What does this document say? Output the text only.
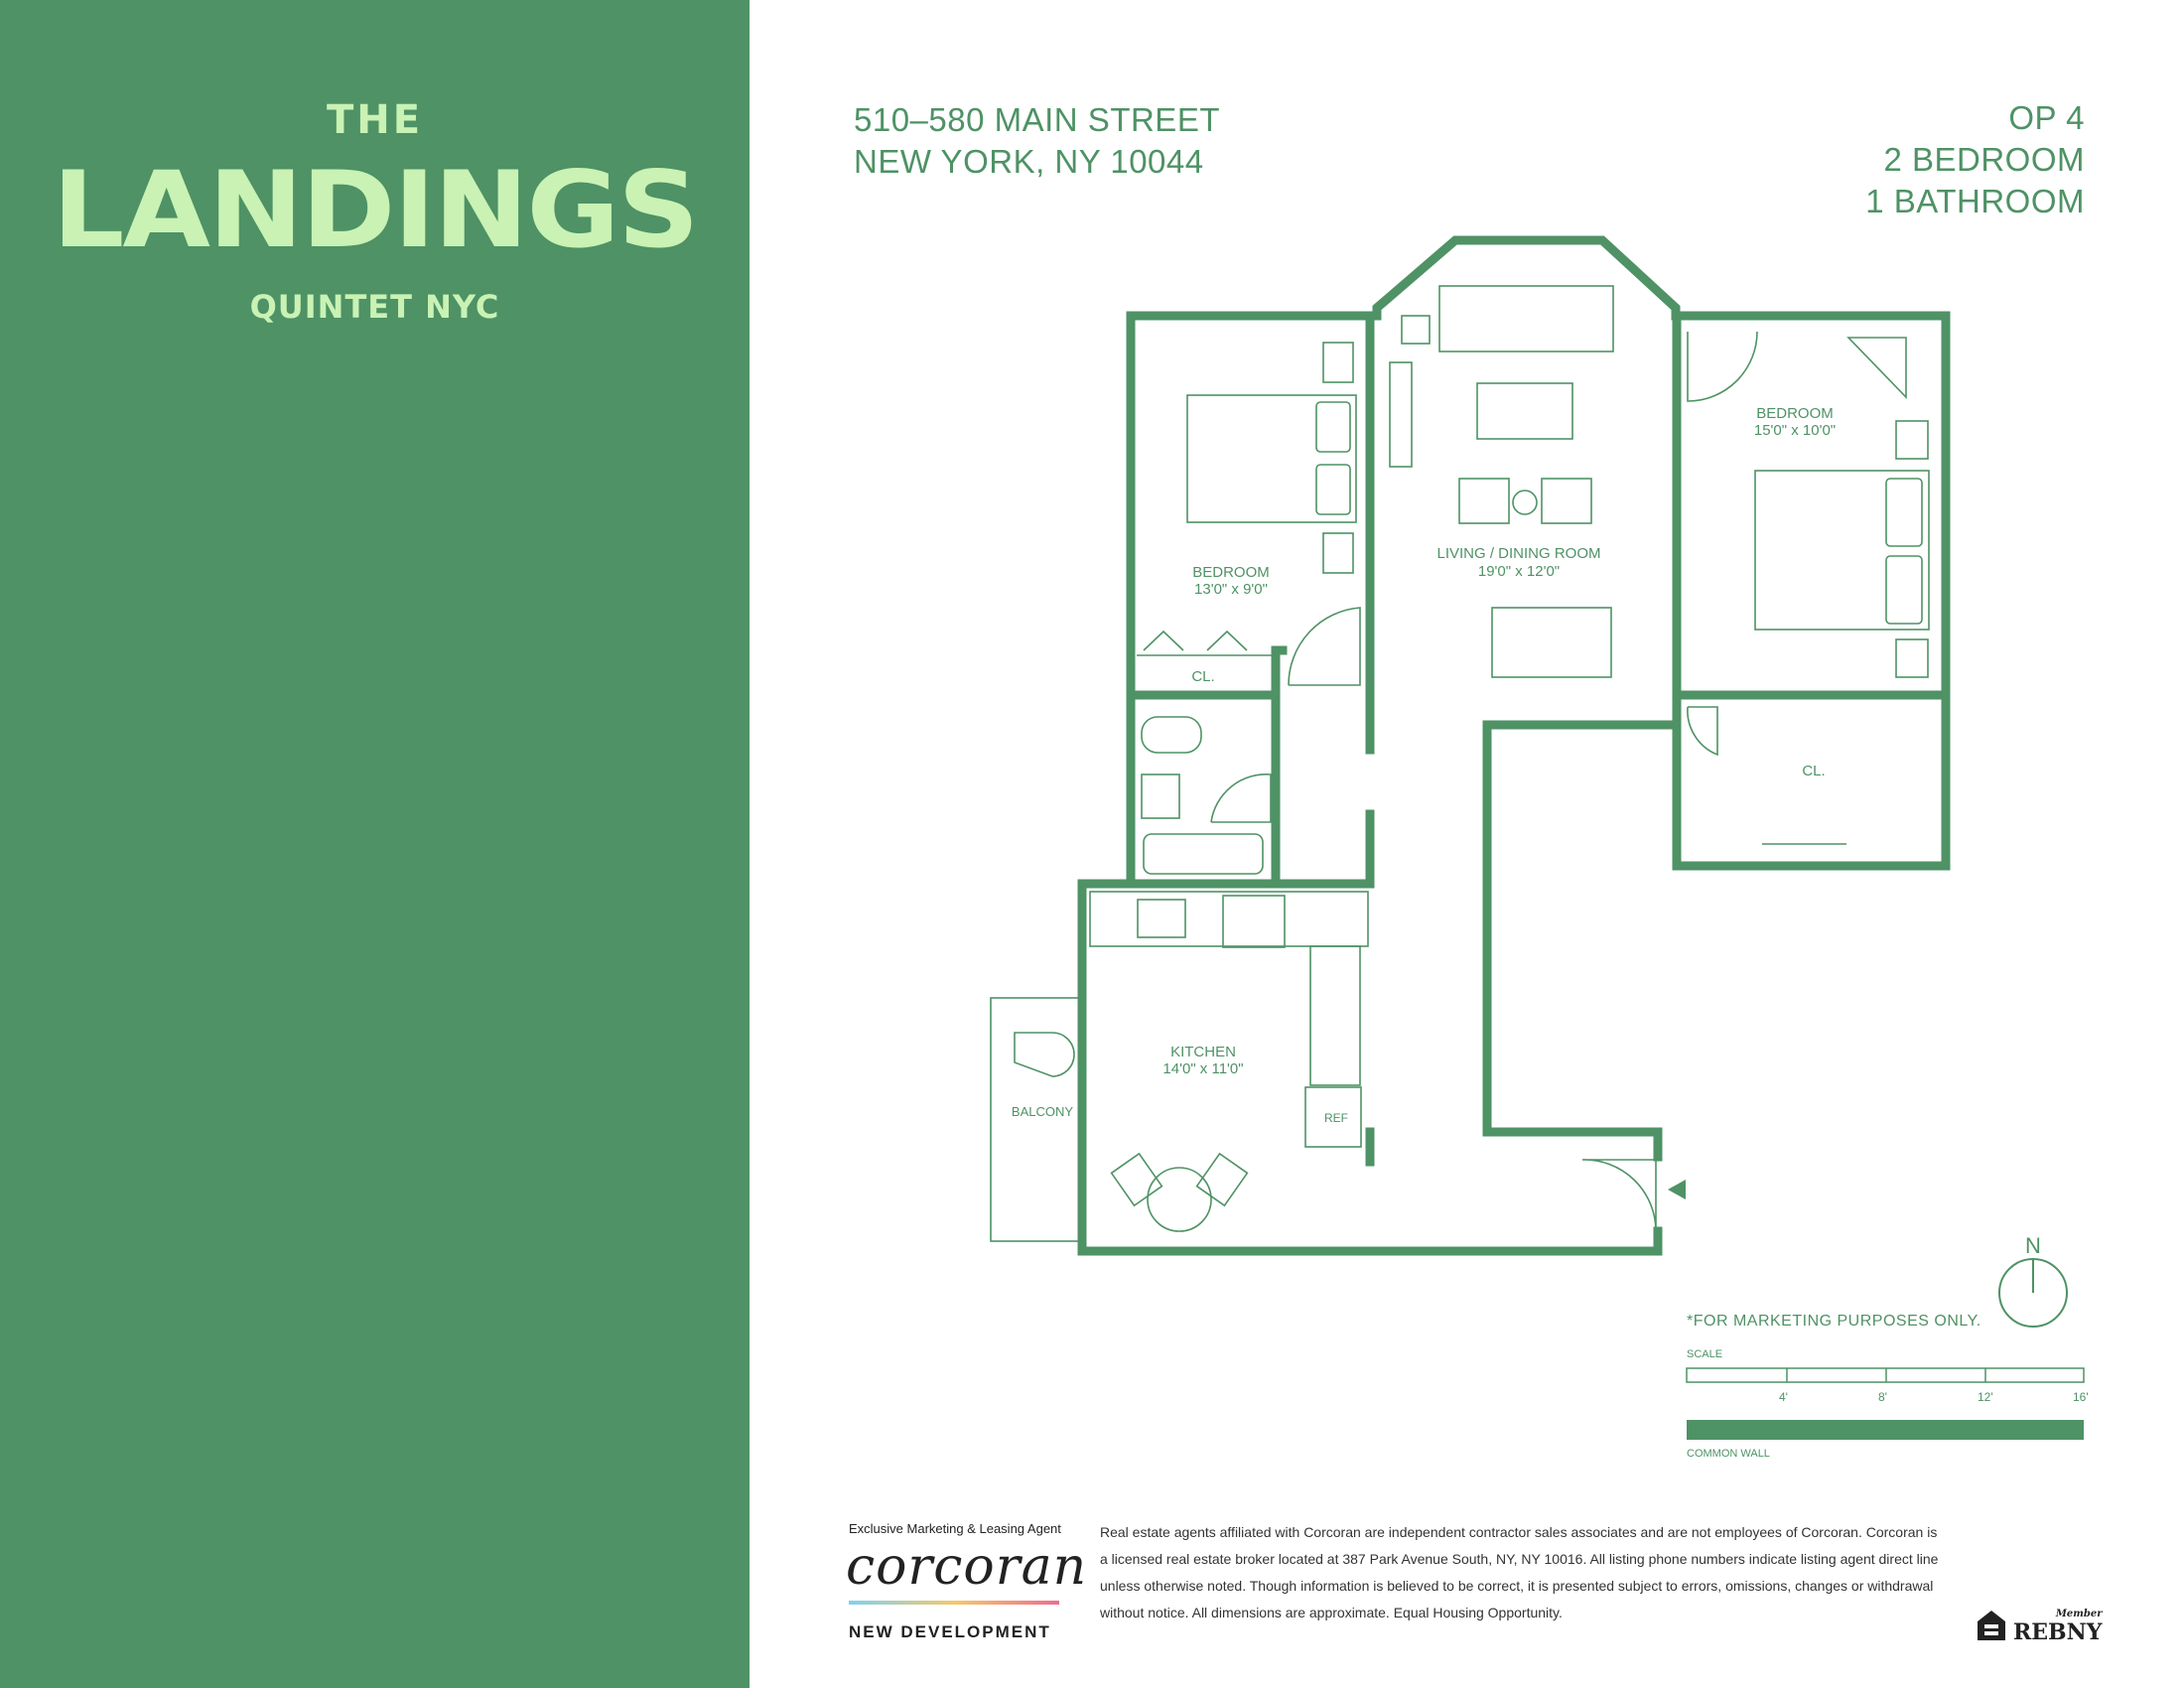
THE
LANDINGS
QUINTET NYC
510–580 MAIN STREET
NEW YORK, NY 10044
OP 4
2 BEDROOM
1 BATHROOM
BEDROOM
13'0" x 9'0"
LIVING / DINING ROOM
19'0" x 12'0"
BEDROOM
15'0" x 10'0"
KITCHEN
14'0" x 11'0"
CL.
CL.
BALCONY	REF
N
*FOR MARKETING PURPOSES ONLY.
SCALE
4'	8'	12'	16'
COMMON WALL
Exclusive Marketing & Leasing Agent
corcoran
NEW DEVELOPMENT
Real estate agents affiliated with Corcoran are independent contractor sales associates and are not employees of Corcoran. Corcoran is a licensed real estate broker located at 387 Park Avenue South, NY, NY 10016. All listing phone numbers indicate listing agent direct line unless otherwise noted. Though information is believed to be correct, it is presented subject to errors, omissions, changes or withdrawal without notice. All dimensions are approximate. Equal Housing Opportunity.	Member
REBNY
